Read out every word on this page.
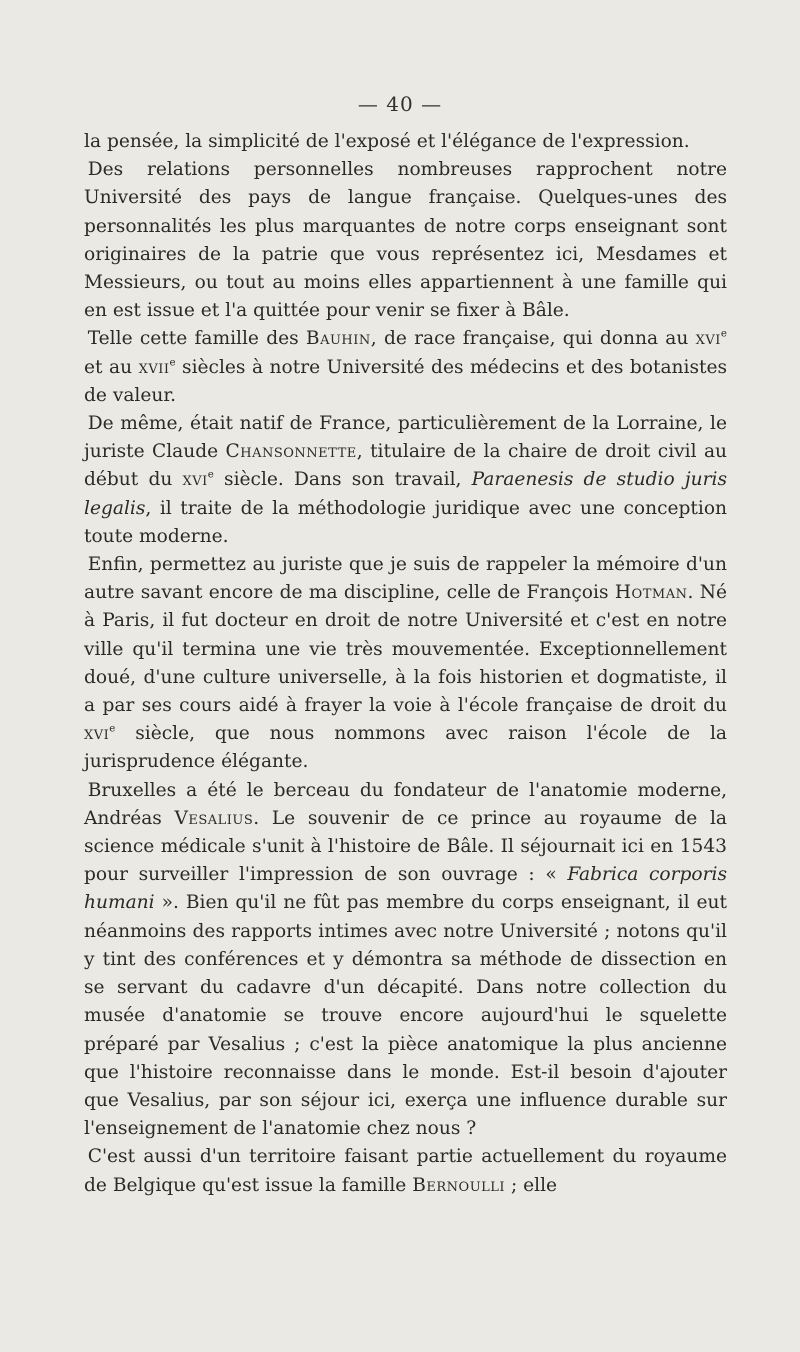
— 40 —

la pensée, la simplicité de l'exposé et l'élégance de l'expression.

Des relations personnelles nombreuses rapprochent notre Université des pays de langue française. Quelques-unes des personnalités les plus marquantes de notre corps enseignant sont originaires de la patrie que vous représentez ici, Mesdames et Messieurs, ou tout au moins elles appartiennent à une famille qui en est issue et l'a quittée pour venir se fixer à Bâle.

Telle cette famille des Bauhin, de race française, qui donna au xvi$^e$ et au xvii$^e$ siècles à notre Université des médecins et des botanistes de valeur.

De même, était natif de France, particulièrement de la Lorraine, le juriste Claude Chansonnette, titulaire de la chaire de droit civil au début du xvi$^e$ siècle. Dans son travail, Paraenesis de studio juris legalis, il traite de la méthodologie juridique avec une conception toute moderne.

Enfin, permettez au juriste que je suis de rappeler la mémoire d'un autre savant encore de ma discipline, celle de François Hotman. Né à Paris, il fut docteur en droit de notre Université et c'est en notre ville qu'il termina une vie très mouvementée. Exceptionnellement doué, d'une culture universelle, à la fois historien et dogmatiste, il a par ses cours aidé à frayer la voie à l'école française de droit du xvi$^e$ siècle, que nous nommons avec raison l'école de la jurisprudence élégante.

Bruxelles a été le berceau du fondateur de l'anatomie moderne, Andréas Vesalius. Le souvenir de ce prince au royaume de la science médicale s'unit à l'histoire de Bâle. Il séjournait ici en 1543 pour surveiller l'impression de son ouvrage : « Fabrica corporis humani ». Bien qu'il ne fût pas membre du corps enseignant, il eut néanmoins des rapports intimes avec notre Université ; notons qu'il y tint des conférences et y démontra sa méthode de dissection en se servant du cadavre d'un décapité. Dans notre collection du musée d'anatomie se trouve encore aujourd'hui le squelette préparé par Vesalius ; c'est la pièce anatomique la plus ancienne que l'histoire reconnaisse dans le monde. Est-il besoin d'ajouter que Vesalius, par son séjour ici, exerça une influence durable sur l'enseignement de l'anatomie chez nous ?

C'est aussi d'un territoire faisant partie actuellement du royaume de Belgique qu'est issue la famille Bernoulli ; elle
